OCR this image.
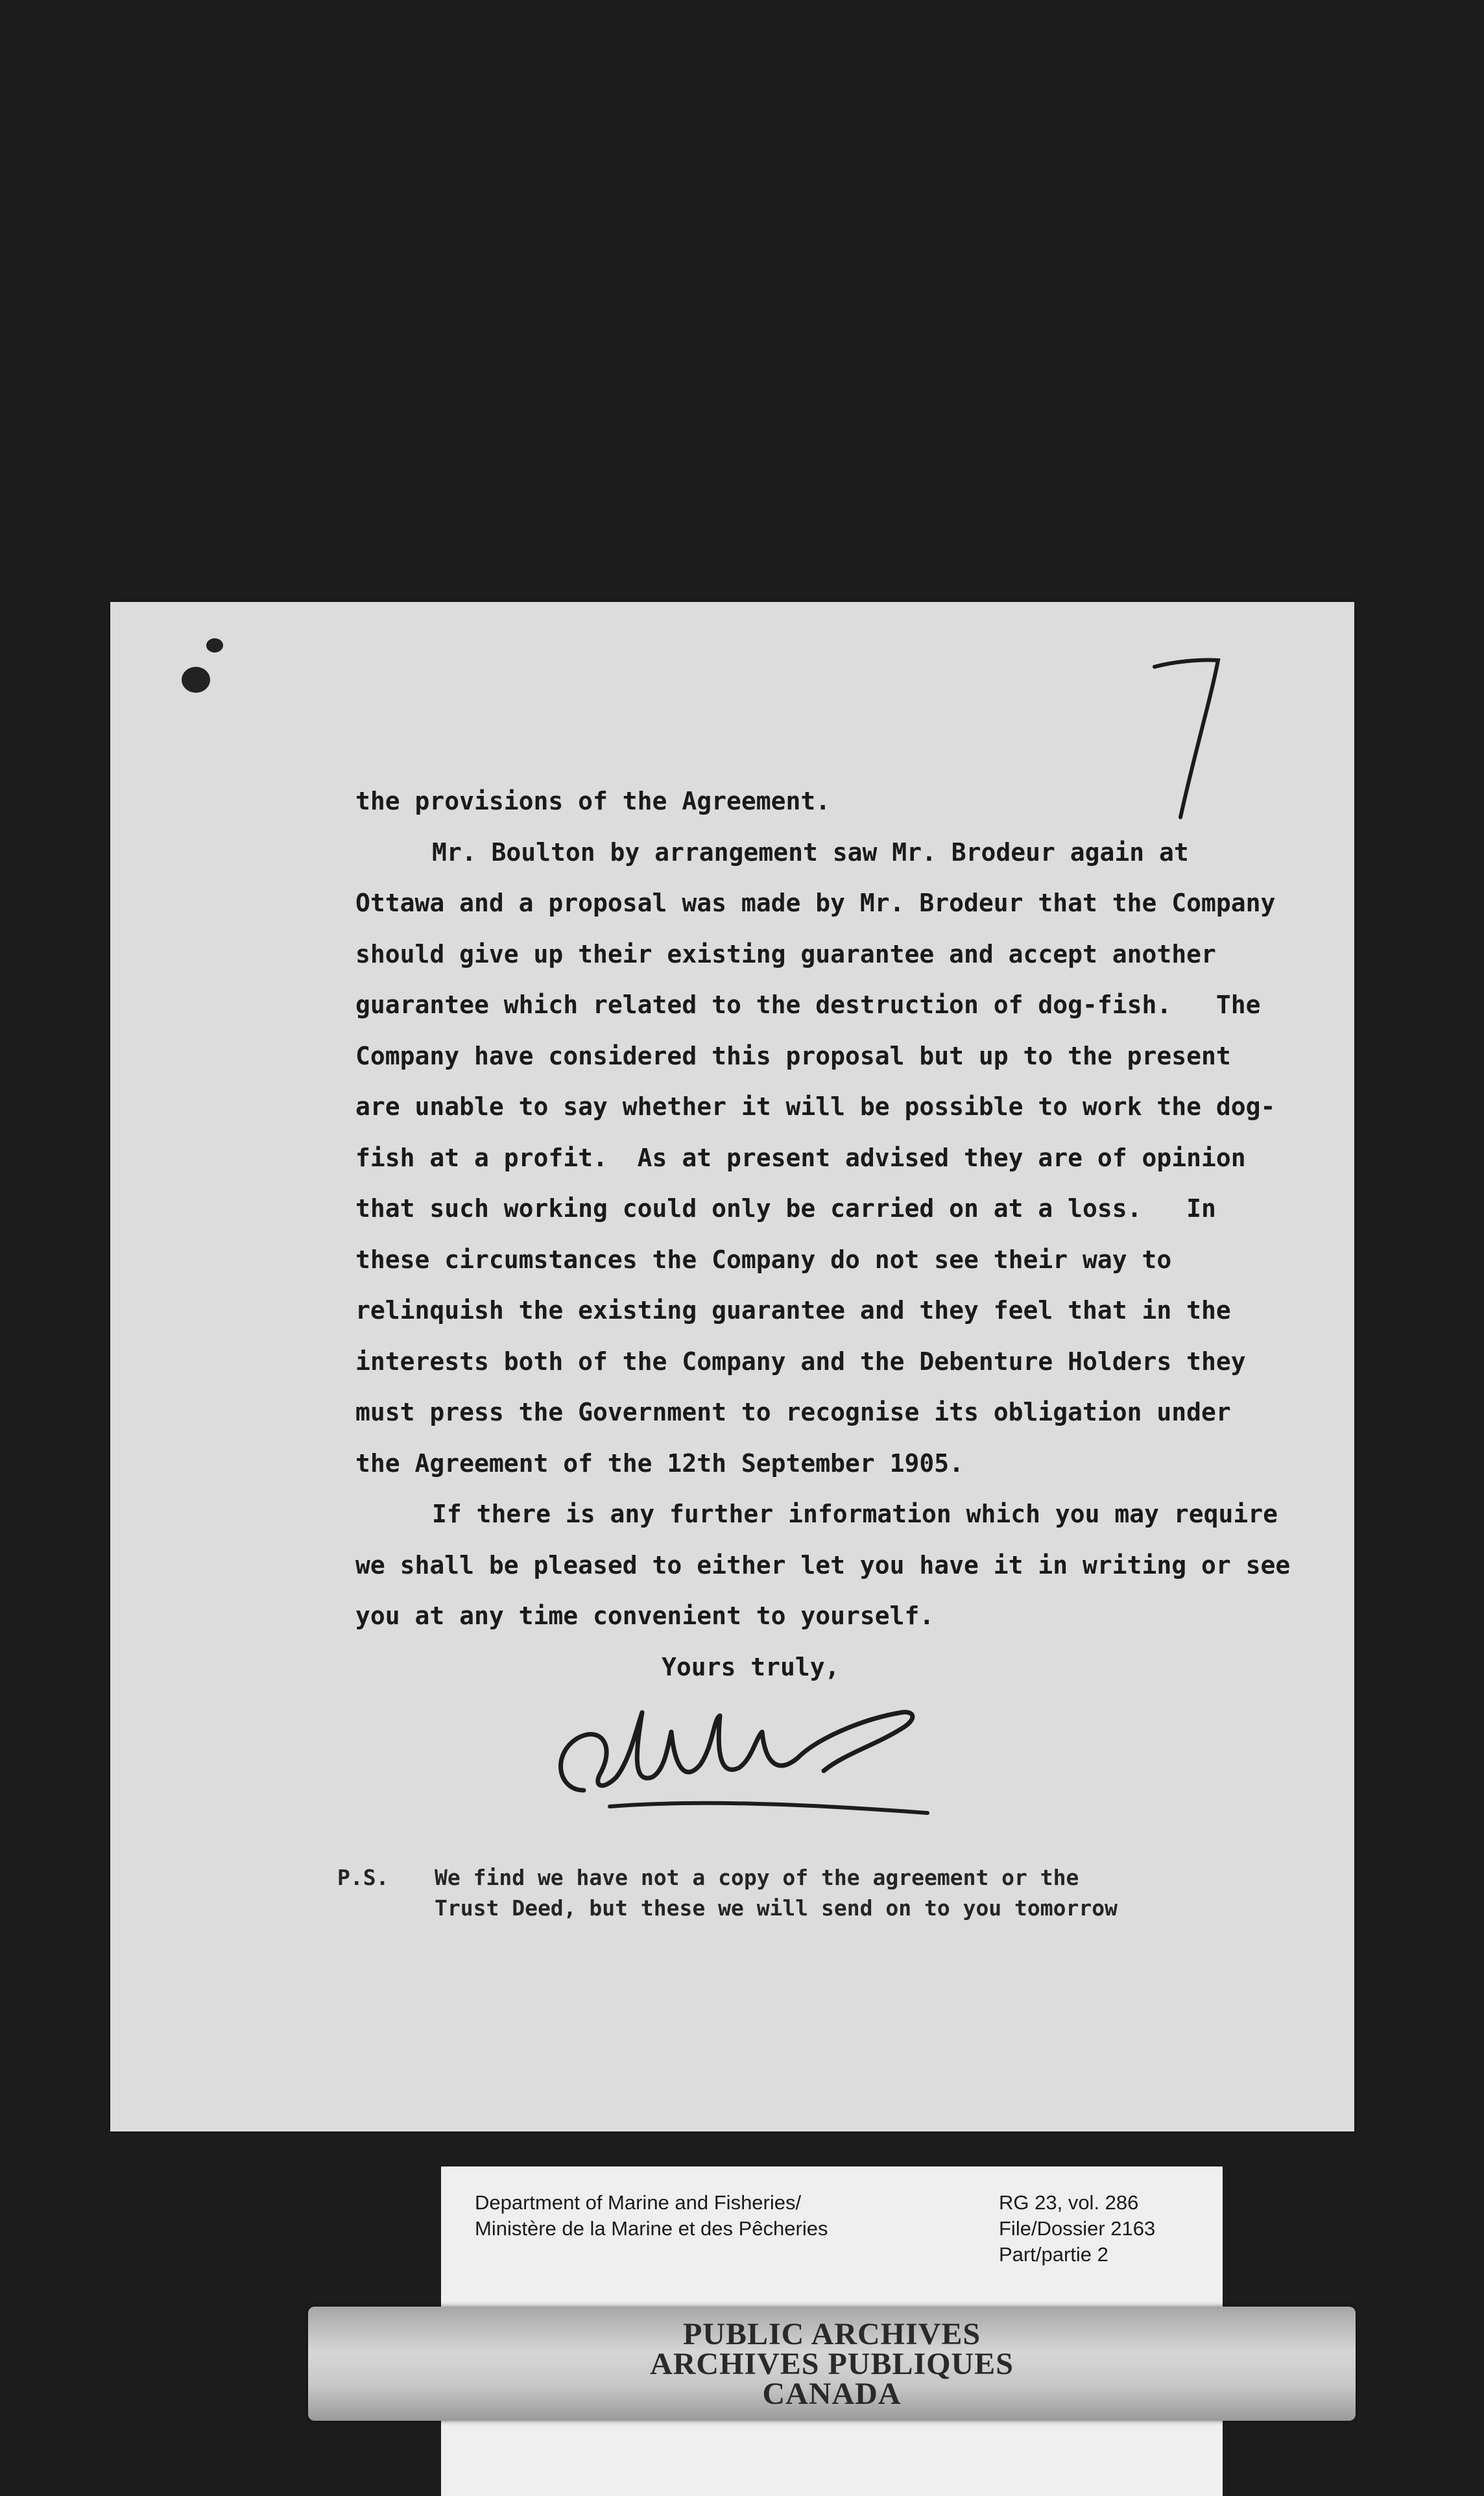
the provisions of the Agreement.
Mr. Boulton by arrangement saw Mr. Brodeur again at
Ottawa and a proposal was made by Mr. Brodeur that the Company
should give up their existing guarantee and accept another
guarantee which related to the destruction of dog-fish.   The
Company have considered this proposal but up to the present
are unable to say whether it will be possible to work the dog-
fish at a profit.  As at present advised they are of opinion
that such working could only be carried on at a loss.   In
these circumstances the Company do not see their way to
relinquish the existing guarantee and they feel that in the
interests both of the Company and the Debenture Holders they
must press the Government to recognise its obligation under
the Agreement of the 12th September 1905.
If there is any further information which you may require
we shall be pleased to either let you have it in writing or see
you at any time convenient to yourself.
Yours truly,
P.S.	We find we have not a copy of the agreement or the
Trust Deed, but these we will send on to you tomorrow
Department of Marine and Fisheries/
Ministère de la Marine et des Pêcheries
RG 23, vol. 286
File/Dossier 2163
Part/partie 2
PUBLIC ARCHIVES
ARCHIVES PUBLIQUES
CANADA
